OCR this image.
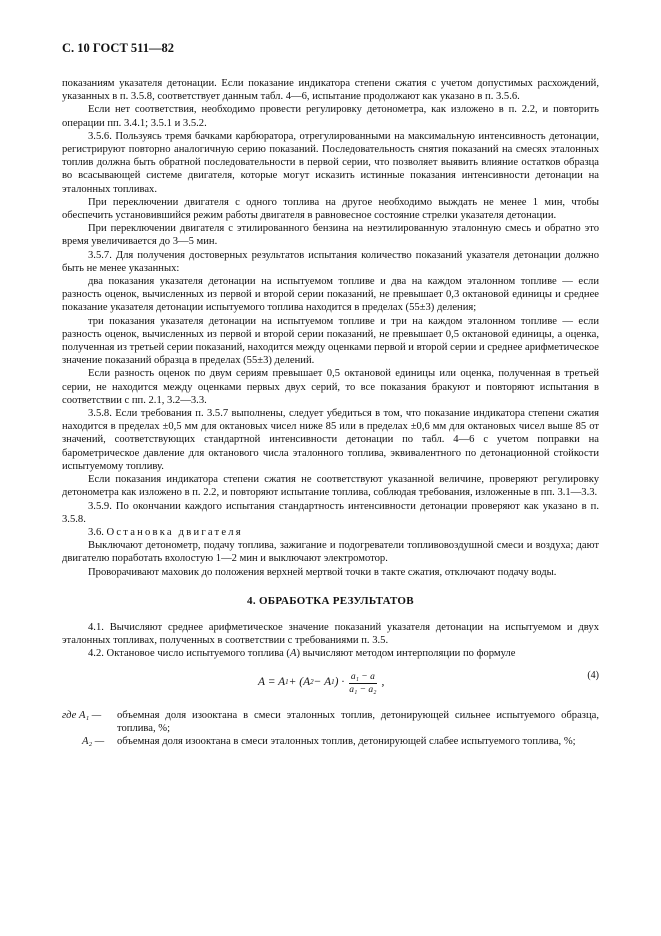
С. 10 ГОСТ 511—82

показаниям указателя детонации. Если показание индикатора степени сжатия с учетом допустимых расхождений, указанных в п. 3.5.8, соответствует данным табл. 4—6, испытание продолжают как указано в п. 3.5.6.

Если нет соответствия, необходимо провести регулировку детонометра, как изложено в п. 2.2, и повторить операции пп. 3.4.1; 3.5.1 и 3.5.2.

3.5.6. Пользуясь тремя бачками карбюратора, отрегулированными на максимальную интенсивность детонации, регистрируют повторно аналогичную серию показаний. Последовательность снятия показаний на смесях эталонных топлив должна быть обратной последовательности в первой серии, что позволяет выявить влияние остатков образца во всасывающей системе двигателя, которые могут исказить истинные показания интенсивности детонации на эталонных топливах.

При переключении двигателя с одного топлива на другое необходимо выждать не менее 1 мин, чтобы обеспечить установившийся режим работы двигателя в равновесное состояние стрелки указателя детонации.

При переключении двигателя с этилированного бензина на неэтилированную эталонную смесь и обратно это время увеличивается до 3—5 мин.

3.5.7. Для получения достоверных результатов испытания количество показаний указателя детонации должно быть не менее указанных:

два показания указателя детонации на испытуемом топливе и два на каждом эталонном топливе — если разность оценок, вычисленных из первой и второй серии показаний, не превышает 0,3 октановой единицы и среднее показание указателя детонации испытуемого топлива находится в пределах (55±3) деления;

три показания указателя детонации на испытуемом топливе и три на каждом эталонном топливе — если разность оценок, вычисленных из первой и второй серии показаний, не превышает 0,5 октановой единицы, а оценка, полученная из третьей серии показаний, находится между оценками первой и второй серии и среднее арифметическое значение показаний образца в пределах (55±3) делений.

Если разность оценок по двум сериям превышает 0,5 октановой единицы или оценка, полученная в третьей серии, не находится между оценками первых двух серий, то все показания бракуют и повторяют испытания в соответствии с пп. 2.1, 3.2—3.3.

3.5.8. Если требования п. 3.5.7 выполнены, следует убедиться в том, что показание индикатора степени сжатия находится в пределах ±0,5 мм для октановых чисел ниже 85 или в пределах ±0,6 мм для октановых чисел выше 85 от значений, соответствующих стандартной интенсивности детонации по табл. 4—6 с учетом поправки на барометрическое давление для октанового числа эталонного топлива, эквивалентного по детонационной стойкости испытуемому топливу.

Если показания индикатора степени сжатия не соответствуют указанной величине, проверяют регулировку детонометра как изложено в п. 2.2, и повторяют испытание топлива, соблюдая требования, изложенные в пп. 3.1—3.3.

3.5.9. По окончании каждого испытания стандартность интенсивности детонации проверяют как указано в п. 3.5.8.

3.6. Остановка двигателя

Выключают детонометр, подачу топлива, зажигание и подогреватели топливовоздушной смеси и воздуха; дают двигателю поработать вхолостую 1—2 мин и выключают электромотор.

Проворачивают маховик до положения верхней мертвой точки в такте сжатия, отключают подачу воды.

4. ОБРАБОТКА РЕЗУЛЬТАТОВ

4.1. Вычисляют среднее арифметическое значение показаний указателя детонации на испытуемом и двух эталонных топливах, полученных в соответствии с требованиями п. 3.5.

4.2. Октановое число испытуемого топлива (A) вычисляют методом интерполяции по формуле

A = A 1 + (A 2 − A 1 ) · $\frac{\text{a₁ − a}}{\text{a₁ − a₂}}$ ,
(4)
где A₁ —	объемная доля изооктана в смеси эталонных топлив, детонирующей сильнее испытуемого образца, топлива, %;
A₂ —	объемная доля изооктана в смеси эталонных топлив, детонирующей слабее испытуемого топлива, %;
